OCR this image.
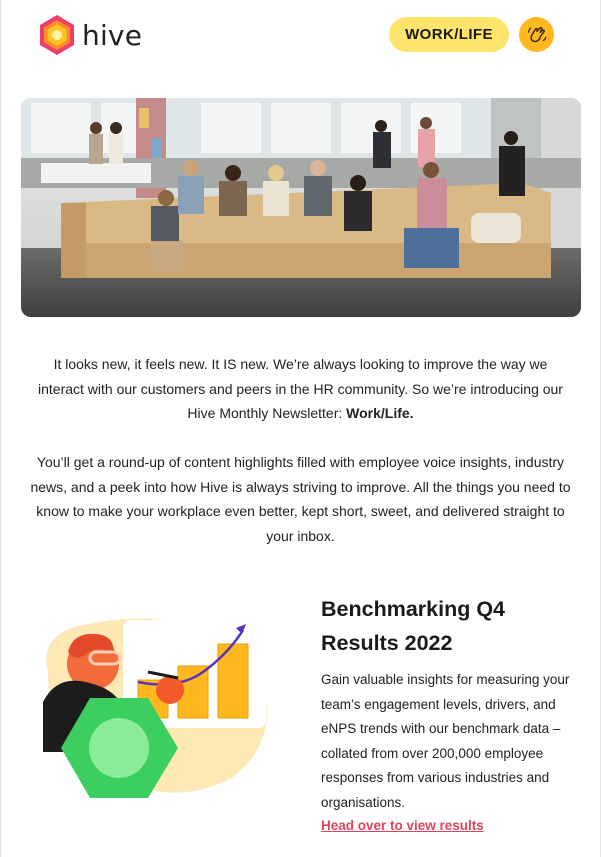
hive	WORK/LIFE

It looks new, it feels new. It IS new. We’re always looking to improve the way we interact with our customers and peers in the HR community. So we’re introducing our Hive Monthly Newsletter: Work/Life.

You’ll get a round-up of content highlights filled with employee voice insights, industry news, and a peek into how Hive is always striving to improve. All the things you need to know to make your workplace even better, kept short, sweet, and delivered straight to your inbox.

Benchmarking Q4 Results 2022

Gain valuable insights for measuring your team’s engagement levels, drivers, and eNPS trends with our benchmark data – collated from over 200,000 employee responses from various industries and organisations.

Head over to view results
